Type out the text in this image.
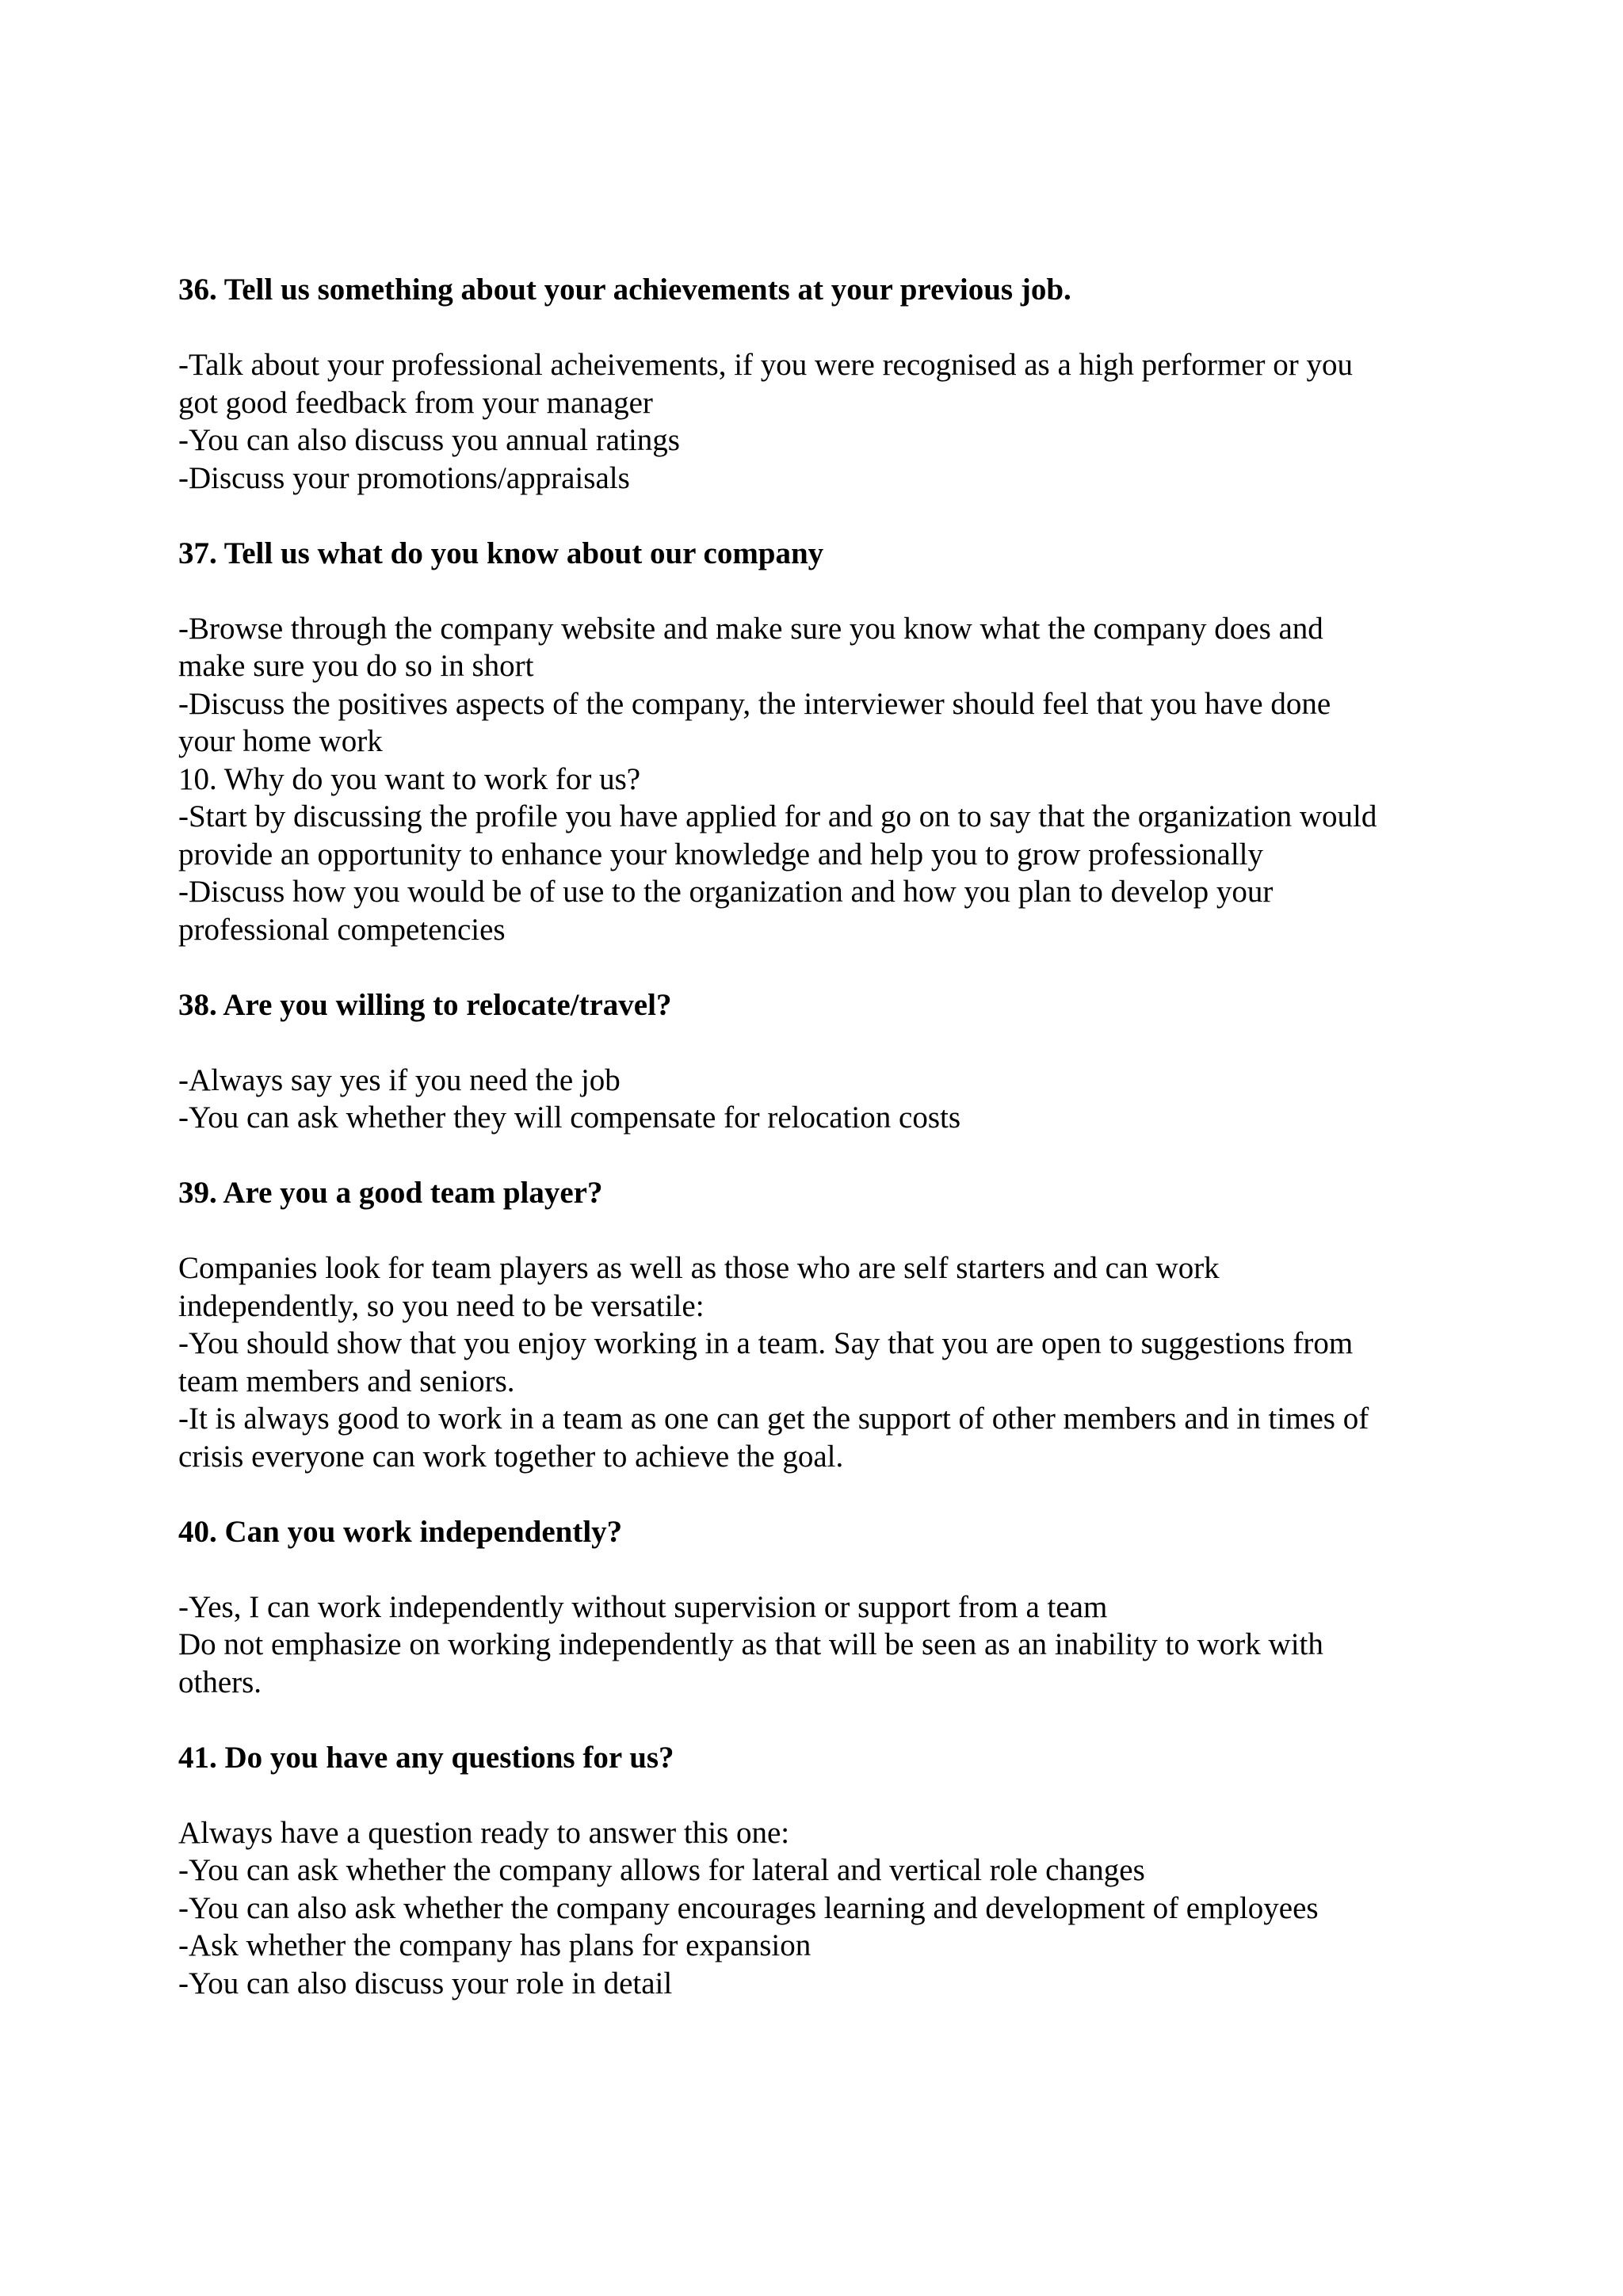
36. Tell us something about your achievements at your previous job.

-Talk about your professional acheivements, if you were recognised as a high performer or you

got good feedback from your manager

-You can also discuss you annual ratings

-Discuss your promotions/appraisals

37. Tell us what do you know about our company

-Browse through the company website and make sure you know what the company does and

make sure you do so in short

-Discuss the positives aspects of the company, the interviewer should feel that you have done

your home work

10. Why do you want to work for us?

-Start by discussing the profile you have applied for and go on to say that the organization would

provide an opportunity to enhance your knowledge and help you to grow professionally

-Discuss how you would be of use to the organization and how you plan to develop your

professional competencies

38. Are you willing to relocate/travel?

-Always say yes if you need the job

-You can ask whether they will compensate for relocation costs

39. Are you a good team player?

Companies look for team players as well as those who are self starters and can work

independently, so you need to be versatile:

-You should show that you enjoy working in a team. Say that you are open to suggestions from

team members and seniors.

-It is always good to work in a team as one can get the support of other members and in times of

crisis everyone can work together to achieve the goal.

40. Can you work independently?

-Yes, I can work independently without supervision or support from a team

Do not emphasize on working independently as that will be seen as an inability to work with

others.

41. Do you have any questions for us?

Always have a question ready to answer this one:

-You can ask whether the company allows for lateral and vertical role changes

-You can also ask whether the company encourages learning and development of employees

-Ask whether the company has plans for expansion

-You can also discuss your role in detail
